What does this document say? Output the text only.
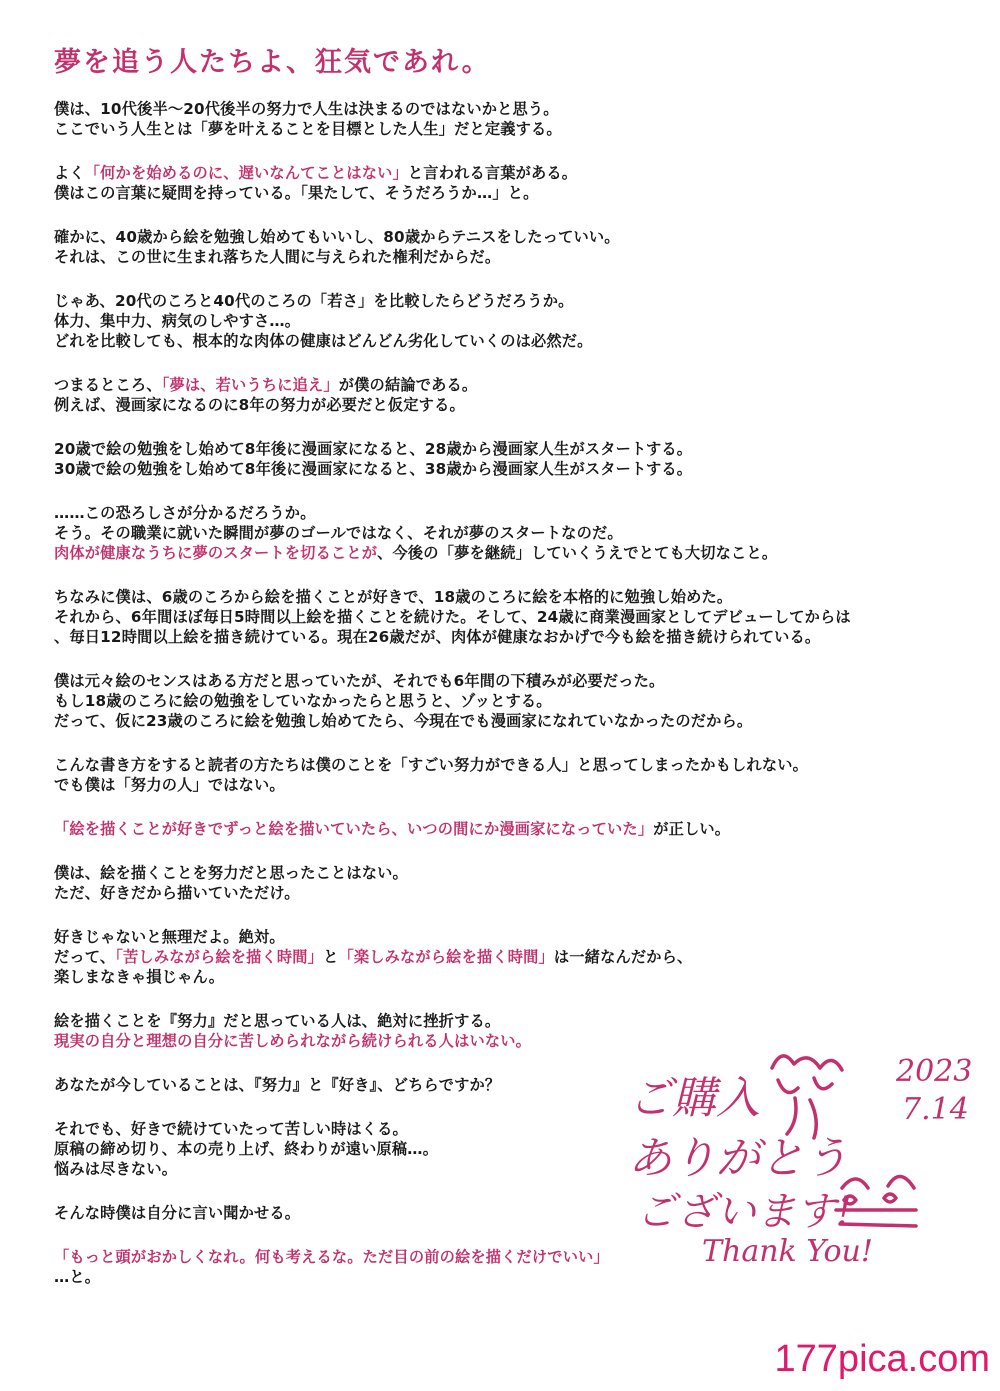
夢を追う人たちよ、狂気であれ。
僕は、10代後半〜20代後半の努力で人生は決まるのではないかと思う。
ここでいう人生とは「夢を叶えることを目標とした人生」だと定義する。
よく「何かを始めるのに、遅いなんてことはない」と言われる言葉がある。
僕はこの言葉に疑問を持っている。「果たして、そうだろうか…」と。
確かに、40歳から絵を勉強し始めてもいいし、80歳からテニスをしたっていい。
それは、この世に生まれ落ちた人間に与えられた権利だからだ。
じゃあ、20代のころと40代のころの「若さ」を比較したらどうだろうか。
体力、集中力、病気のしやすさ…。
どれを比較しても、根本的な肉体の健康はどんどん劣化していくのは必然だ。
つまるところ、「夢は、若いうちに追え」が僕の結論である。
例えば、漫画家になるのに8年の努力が必要だと仮定する。
20歳で絵の勉強をし始めて8年後に漫画家になると、28歳から漫画家人生がスタートする。
30歳で絵の勉強をし始めて8年後に漫画家になると、38歳から漫画家人生がスタートする。
……この恐ろしさが分かるだろうか。
そう。その職業に就いた瞬間が夢のゴールではなく、それが夢のスタートなのだ。
肉体が健康なうちに夢のスタートを切ることが、今後の「夢を継続」していくうえでとても大切なこと。
ちなみに僕は、6歳のころから絵を描くことが好きで、18歳のころに絵を本格的に勉強し始めた。
それから、6年間ほぼ毎日5時間以上絵を描くことを続けた。そして、24歳に商業漫画家としてデビューしてからは
、毎日12時間以上絵を描き続けている。現在26歳だが、肉体が健康なおかげで今も絵を描き続けられている。
僕は元々絵のセンスはある方だと思っていたが、それでも6年間の下積みが必要だった。
もし18歳のころに絵の勉強をしていなかったらと思うと、ゾッとする。
だって、仮に23歳のころに絵を勉強し始めてたら、今現在でも漫画家になれていなかったのだから。
こんな書き方をすると読者の方たちは僕のことを「すごい努力ができる人」と思ってしまったかもしれない。
でも僕は「努力の人」ではない。
「絵を描くことが好きでずっと絵を描いていたら、いつの間にか漫画家になっていた」が正しい。
僕は、絵を描くことを努力だと思ったことはない。
ただ、好きだから描いていただけ。
好きじゃないと無理だよ。絶対。
だって、「苦しみながら絵を描く時間」と「楽しみながら絵を描く時間」は一緒なんだから、
楽しまなきゃ損じゃん。
絵を描くことを『努力』だと思っている人は、絶対に挫折する。
現実の自分と理想の自分に苦しめられながら続けられる人はいない。
あなたが今していることは、『努力』と『好き』、どちらですか？
それでも、好きで続けていたって苦しい時はくる。
原稿の締め切り、本の売り上げ、終わりが遠い原稿…。
悩みは尽きない。
そんな時僕は自分に言い聞かせる。
「もっと頭がおかしくなれ。何も考えるな。ただ目の前の絵を描くだけでいい」
…と。
ご購入
ありがとう
ございます!
Thank You!
2023
7.14
177pica.com
